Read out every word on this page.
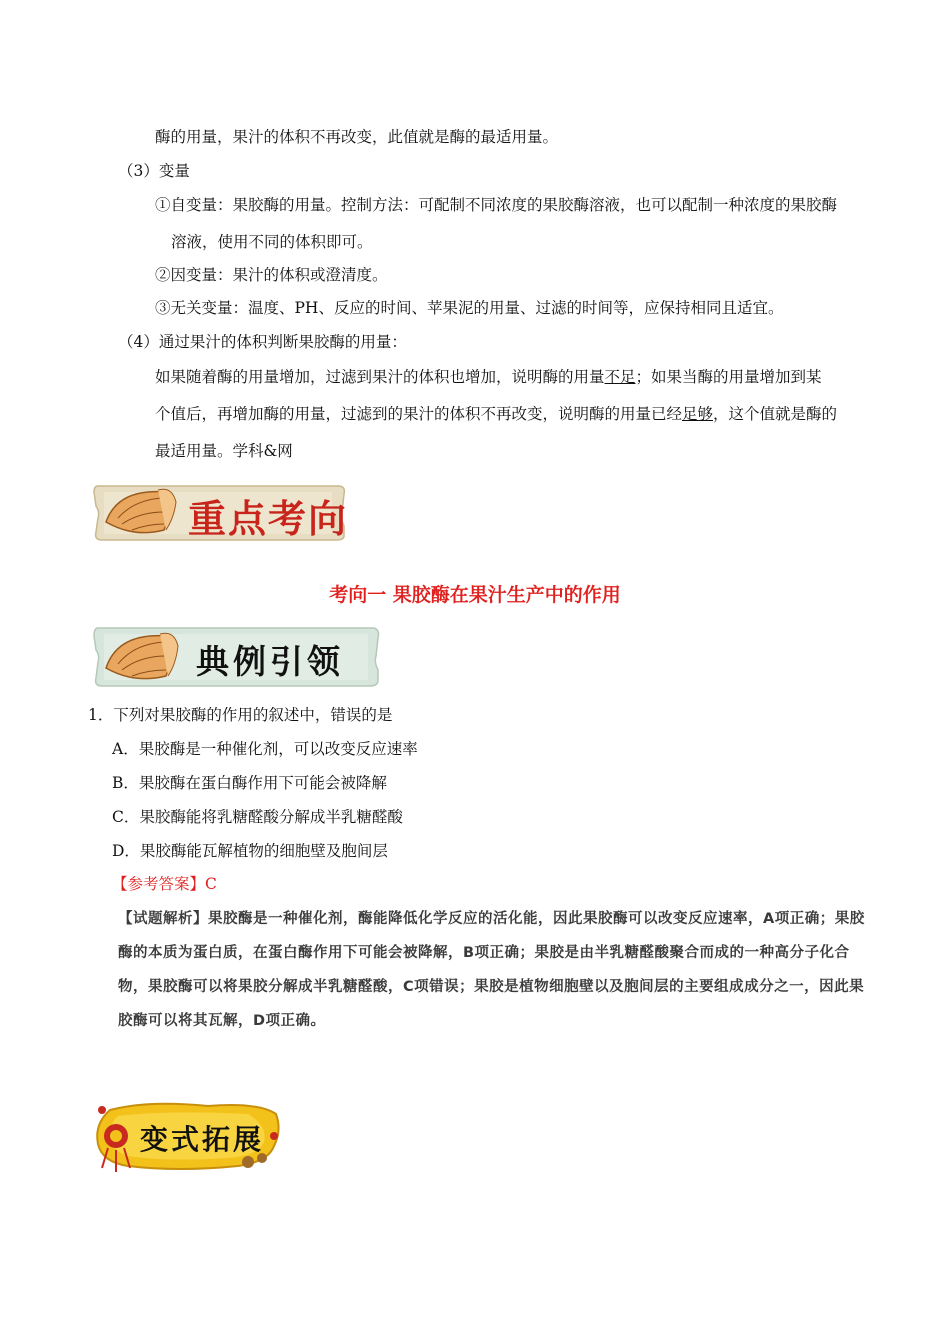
酶的用量，果汁的体积不再改变，此值就是酶的最适用量。
（3）变量
①自变量：果胶酶的用量。控制方法：可配制不同浓度的果胶酶溶液，也可以配制一种浓度的果胶酶
溶液，使用不同的体积即可。
②因变量：果汁的体积或澄清度。
③无关变量：温度、PH、反应的时间、苹果泥的用量、过滤的时间等，应保持相同且适宜。
（4）通过果汁的体积判断果胶酶的用量：
如果随着酶的用量增加，过滤到果汁的体积也增加，说明酶的用量不足；如果当酶的用量增加到某
个值后，再增加酶的用量，过滤到的果汁的体积不再改变，说明酶的用量已经足够，这个值就是酶的
最适用量。学科&网
重点考向
考向一 果胶酶在果汁生产中的作用
典例引领
1．下列对果胶酶的作用的叙述中，错误的是
A．果胶酶是一种催化剂，可以改变反应速率
B．果胶酶在蛋白酶作用下可能会被降解
C．果胶酶能将乳糖醛酸分解成半乳糖醛酸
D．果胶酶能瓦解植物的细胞壁及胞间层
【参考答案】C
【试题解析】果胶酶是一种催化剂，酶能降低化学反应的活化能，因此果胶酶可以改变反应速率，A项正确；果胶酶的本质为蛋白质，在蛋白酶作用下可能会被降解，B项正确；果胶是由半乳糖醛酸聚合而成的一种高分子化合物，果胶酶可以将果胶分解成半乳糖醛酸，C项错误；果胶是植物细胞壁以及胞间层的主要组成成分之一，因此果胶酶可以将其瓦解，D项正确。
变式拓展
